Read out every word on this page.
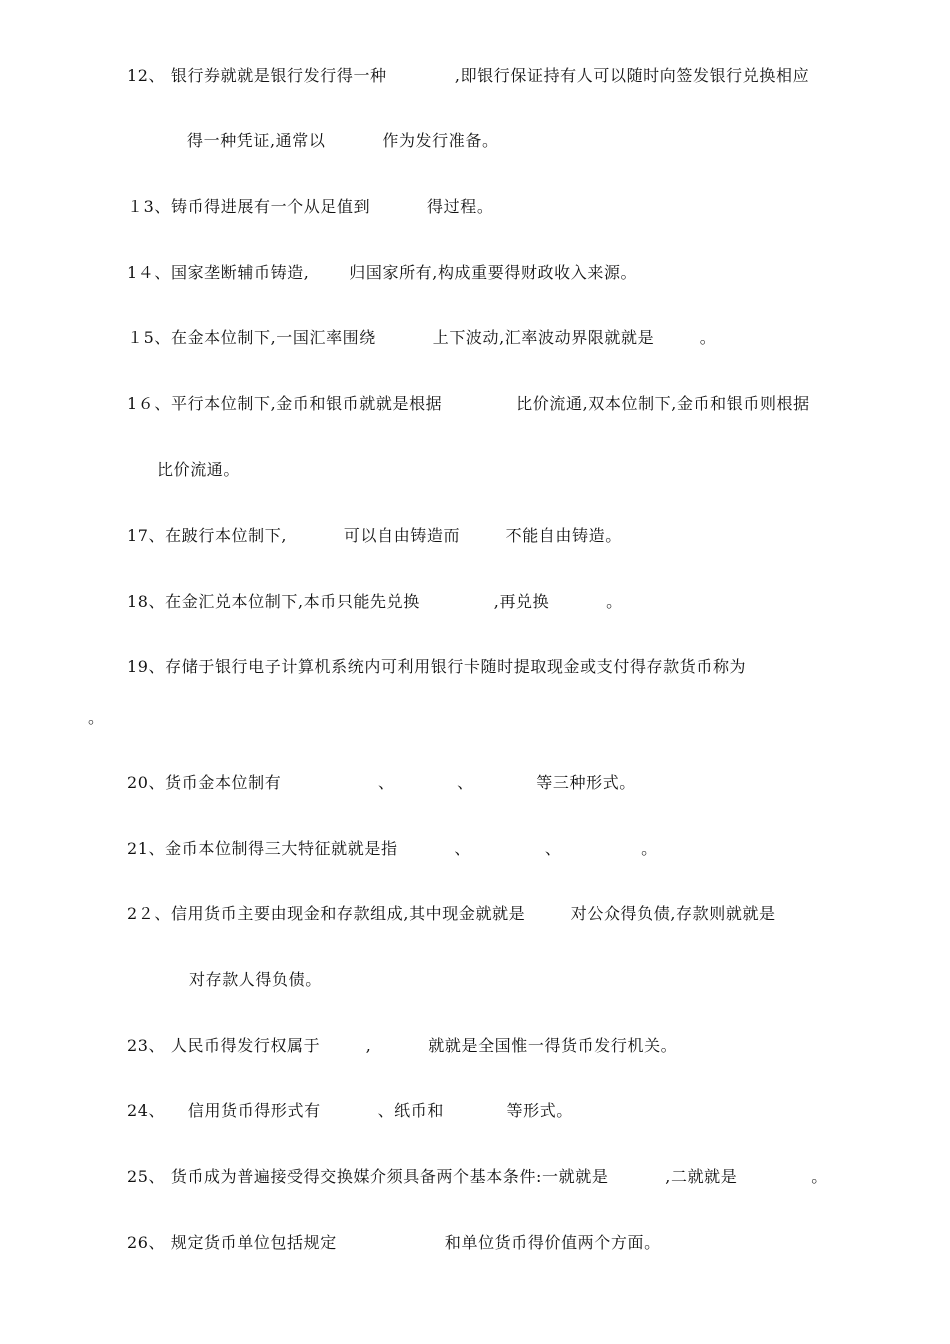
12、 银行券就就是银行发行得一种            ,即银行保证持有人可以随时向签发银行兑换相应
得一种凭证,通常以          作为发行准备。
１3、铸币得进展有一个从足值到          得过程。
1４、国家垄断辅币铸造,       归国家所有,构成重要得财政收入来源。
１5、在金本位制下,一国汇率围绕          上下波动,汇率波动界限就就是        。
1６、平行本位制下,金币和银币就就是根据             比价流通,双本位制下,金币和银币则根据
比价流通。
17、在跛行本位制下,          可以自由铸造而        不能自由铸造。
18、在金汇兑本位制下,本币只能先兑换             ,再兑换          。
19、存储于银行电子计算机系统内可利用银行卡随时提取现金或支付得存款货币称为
。
20、货币金本位制有                 、           、           等三种形式。
21、金币本位制得三大特征就就是指          、             、              。
2２、信用货币主要由现金和存款组成,其中现金就就是        对公众得负债,存款则就就是
对存款人得负债。
23、 人民币得发行权属于        ,          就就是全国惟一得货币发行机关。
24、    信用货币得形式有          、纸币和           等形式。
25、 货币成为普遍接受得交换媒介须具备两个基本条件:一就就是          ,二就就是             。
26、 规定货币单位包括规定                   和单位货币得价值两个方面。
